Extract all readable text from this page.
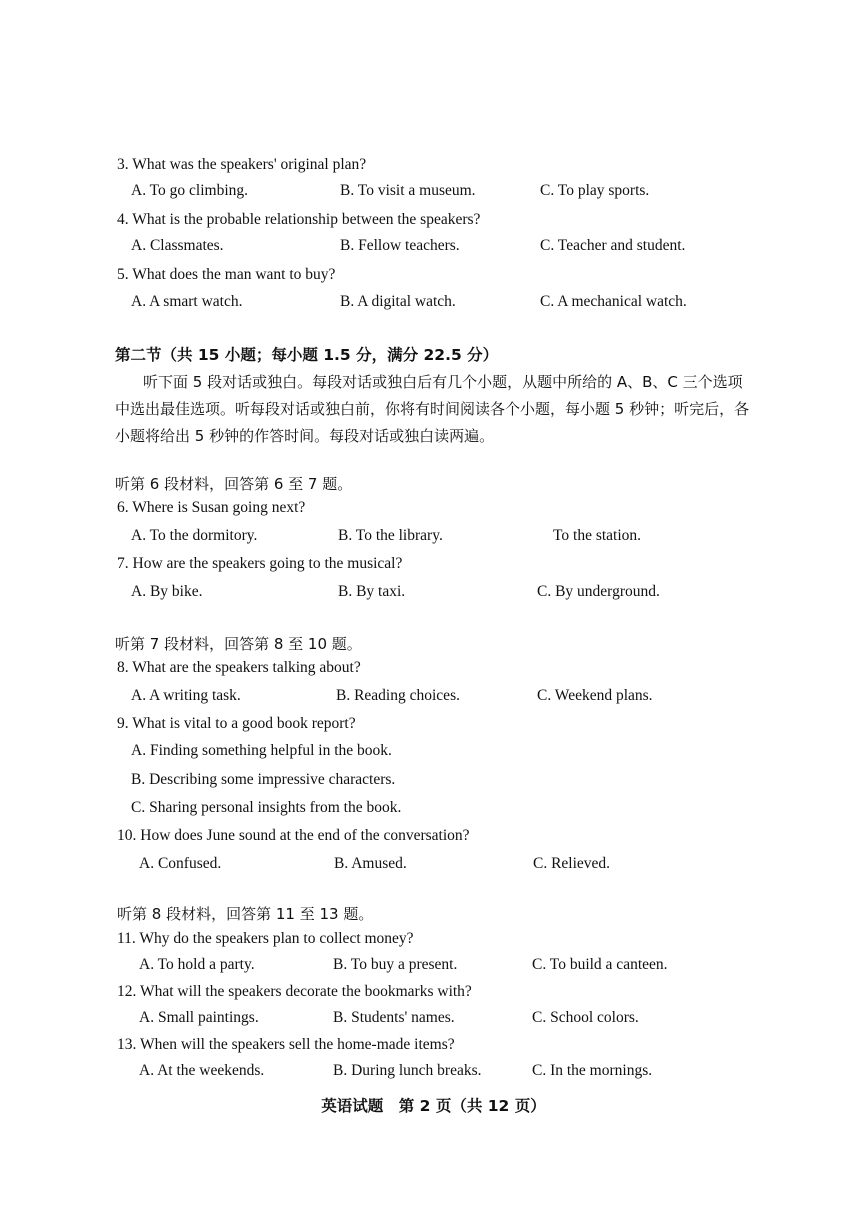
3. What was the speakers' original plan?
A. To go climbing.	B. To visit a museum.	C. To play sports.
4. What is the probable relationship between the speakers?
A. Classmates.	B. Fellow teachers.	C. Teacher and student.
5. What does the man want to buy?
A. A smart watch.	B. A digital watch.	C. A mechanical watch.
第二节（共 15 小题；每小题 1.5 分，满分 22.5 分）
听下面 5 段对话或独白。每段对话或独白后有几个小题，从题中所给的 A、B、C 三个选项中选出最佳选项。听每段对话或独白前，你将有时间阅读各个小题，每小题 5 秒钟；听完后，各小题将给出 5 秒钟的作答时间。每段对话或独白读两遍。
听第 6 段材料，回答第 6 至 7 题。
6. Where is Susan going next?
A. To the dormitory.	B. To the library.	To the station.
7. How are the speakers going to the musical?
A. By bike.	B. By taxi.	C. By underground.
听第 7 段材料，回答第 8 至 10 题。
8. What are the speakers talking about?
A. A writing task.	B. Reading choices.	C. Weekend plans.
9. What is vital to a good book report?
A. Finding something helpful in the book.
B. Describing some impressive characters.
C. Sharing personal insights from the book.
10. How does June sound at the end of the conversation?
A. Confused.	B. Amused.	C. Relieved.
听第 8 段材料，回答第 11 至 13 题。
11. Why do the speakers plan to collect money?
A. To hold a party.	B. To buy a present.	C. To build a canteen.
12. What will the speakers decorate the bookmarks with?
A. Small paintings.	B. Students' names.	C. School colors.
13. When will the speakers sell the home-made items?
A. At the weekends.	B. During lunch breaks.	C. In the mornings.
英语试题　第 2 页（共 12 页）
